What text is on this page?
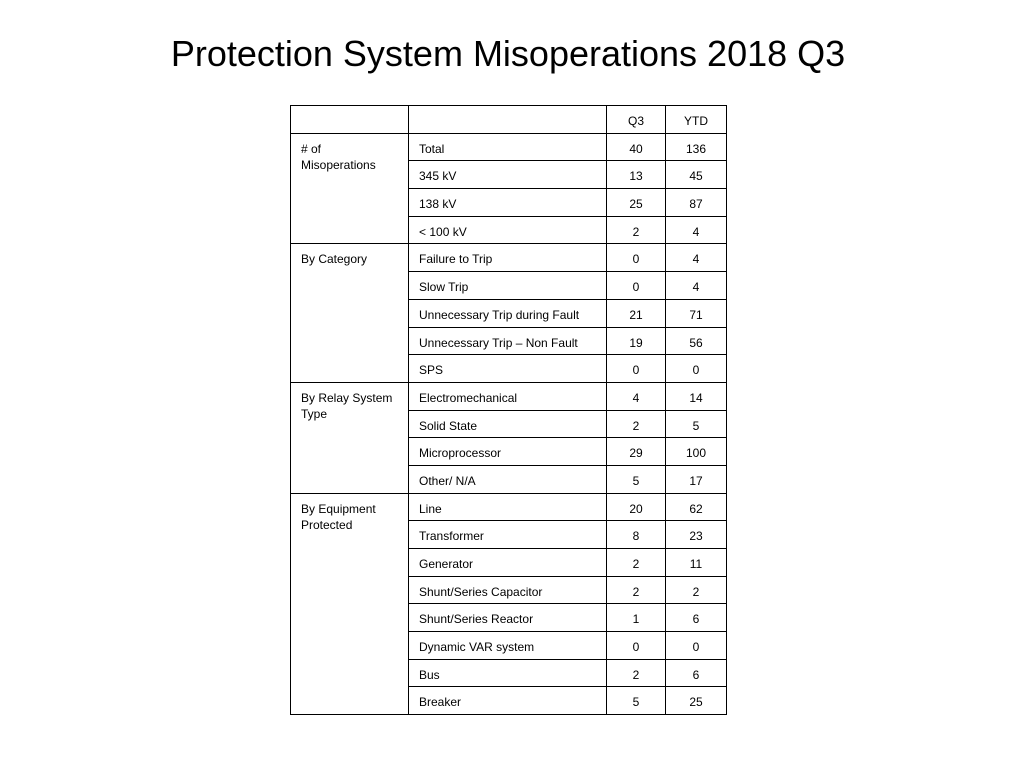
Protection System Misoperations 2018 Q3
		Q3	YTD
# of Misoperations	Total	40	136
	345 kV	13	45
	138 kV	25	87
	< 100 kV	2	4
By Category	Failure to Trip	0	4
	Slow Trip	0	4
	Unnecessary Trip during Fault	21	71
	Unnecessary Trip – Non Fault	19	56
	SPS	0	0
By Relay System Type	Electromechanical	4	14
	Solid State	2	5
	Microprocessor	29	100
	Other/ N/A	5	17
By Equipment Protected	Line	20	62
	Transformer	8	23
	Generator	2	11
	Shunt/Series Capacitor	2	2
	Shunt/Series Reactor	1	6
	Dynamic VAR system	0	0
	Bus	2	6
	Breaker	5	25
